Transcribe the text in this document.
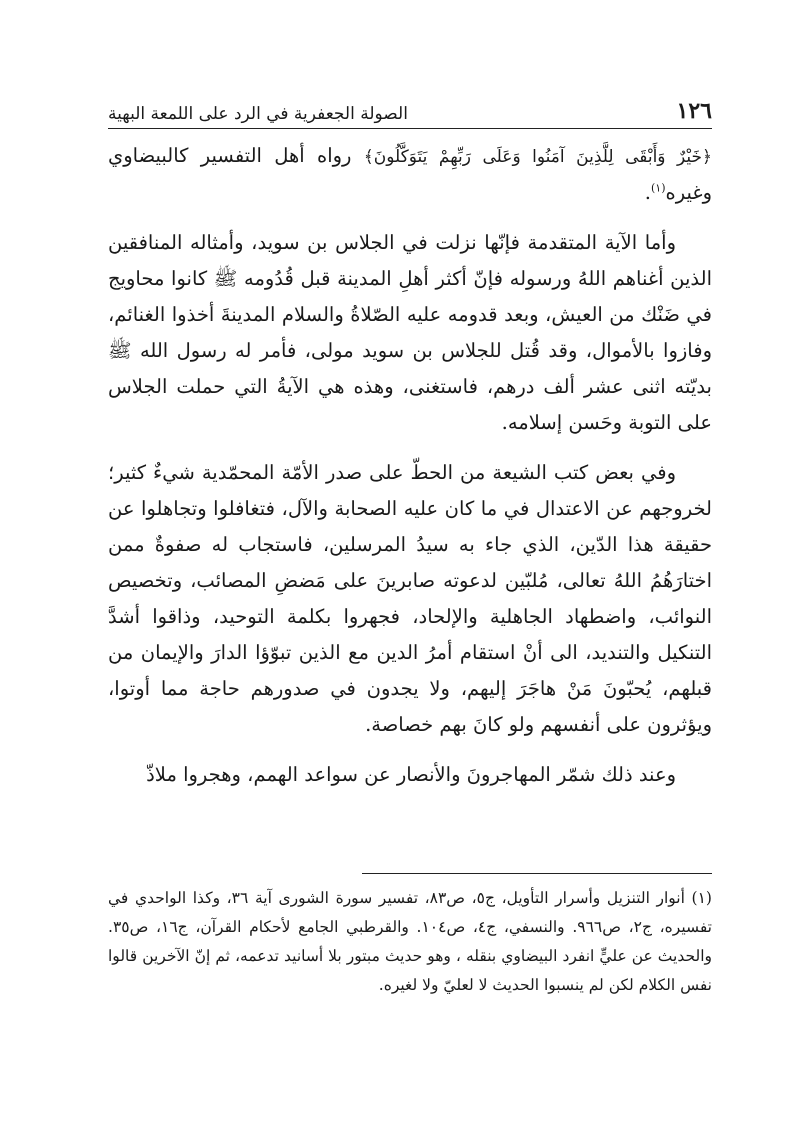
١٢٦
الصولة الجعفرية في الرد على اللمعة البهية

﴿خَيْرٌ وَأَبْقَى لِلَّذِينَ آمَنُوا وَعَلَى رَبِّهِمْ يَتَوَكَّلُونَ﴾ رواه أهل التفسير كالبيضاوي وغيره$^{(١)}$.

وأما الآية المتقدمة فإنّها نزلت في الجلاس بن سويد، وأمثاله المنافقين الذين أغناهم اللهُ ورسوله فإنّ أكثر أهلِ المدينة قبل قُدُومه ﷺ كانوا محاويج في ضَنْك من العيش، وبعد قدومه عليه الصّلاةُ والسلام المدينةَ أخذوا الغنائم، وفازوا بالأموال، وقد قُتل للجلاس بن سويد مولى، فأمر له رسول الله ﷺ بديّته اثنى عشر ألف درهم، فاستغنى، وهذه هي الآيةُ التي حملت الجلاس على التوبة وحَسن إسلامه.

وفي بعض كتب الشيعة من الحطّ على صدر الأمّة المحمّدية شيءٌ كثير؛ لخروجهم عن الاعتدال في ما كان عليه الصحابة والآل، فتغافلوا وتجاهلوا عن حقيقة هذا الدّين، الذي جاء به سيدُ المرسلين، فاستجاب له صفوةٌ ممن اختارَهُمُ اللهُ تعالى، مُلبّين لدعوته صابرينَ على مَضضِ المصائب، وتخصيص النوائب، واضطهاد الجاهلية والإلحاد، فجهروا بكلمة التوحيد، وذاقوا أشدَّ التنكيل والتنديد، الى أنْ استقام أمرُ الدين مع الذين تبوّؤا الدارَ والإيمان من قبلهم، يُحبّونَ مَنْ هاجَرَ إليهم، ولا يجدون في صدورهم حاجة مما أوتوا، ويؤثرون على أنفسهم ولو كانَ بهم خصاصة.

وعند ذلك شمّر المهاجرونَ والأنصار عن سواعد الهمم، وهجروا ملاذّ

(١) أنوار التنزيل وأسرار التأويل، ج٥، ص٨٣، تفسير سورة الشورى آية ٣٦، وكذا الواحدي في تفسيره، ج٢، ص٩٦٦. والنسفي، ج٤، ص١٠٤. والقرطبي الجامع لأحكام القرآن، ج١٦، ص٣٥. والحديث عن عليٍّ انفرد البيضاوي بنقله ، وهو حديث مبتور بلا أسانيد تدعمه، ثم إنّ الآخرين قالوا نفس الكلام لكن لم ينسبوا الحديث لا لعليّ ولا لغيره.
